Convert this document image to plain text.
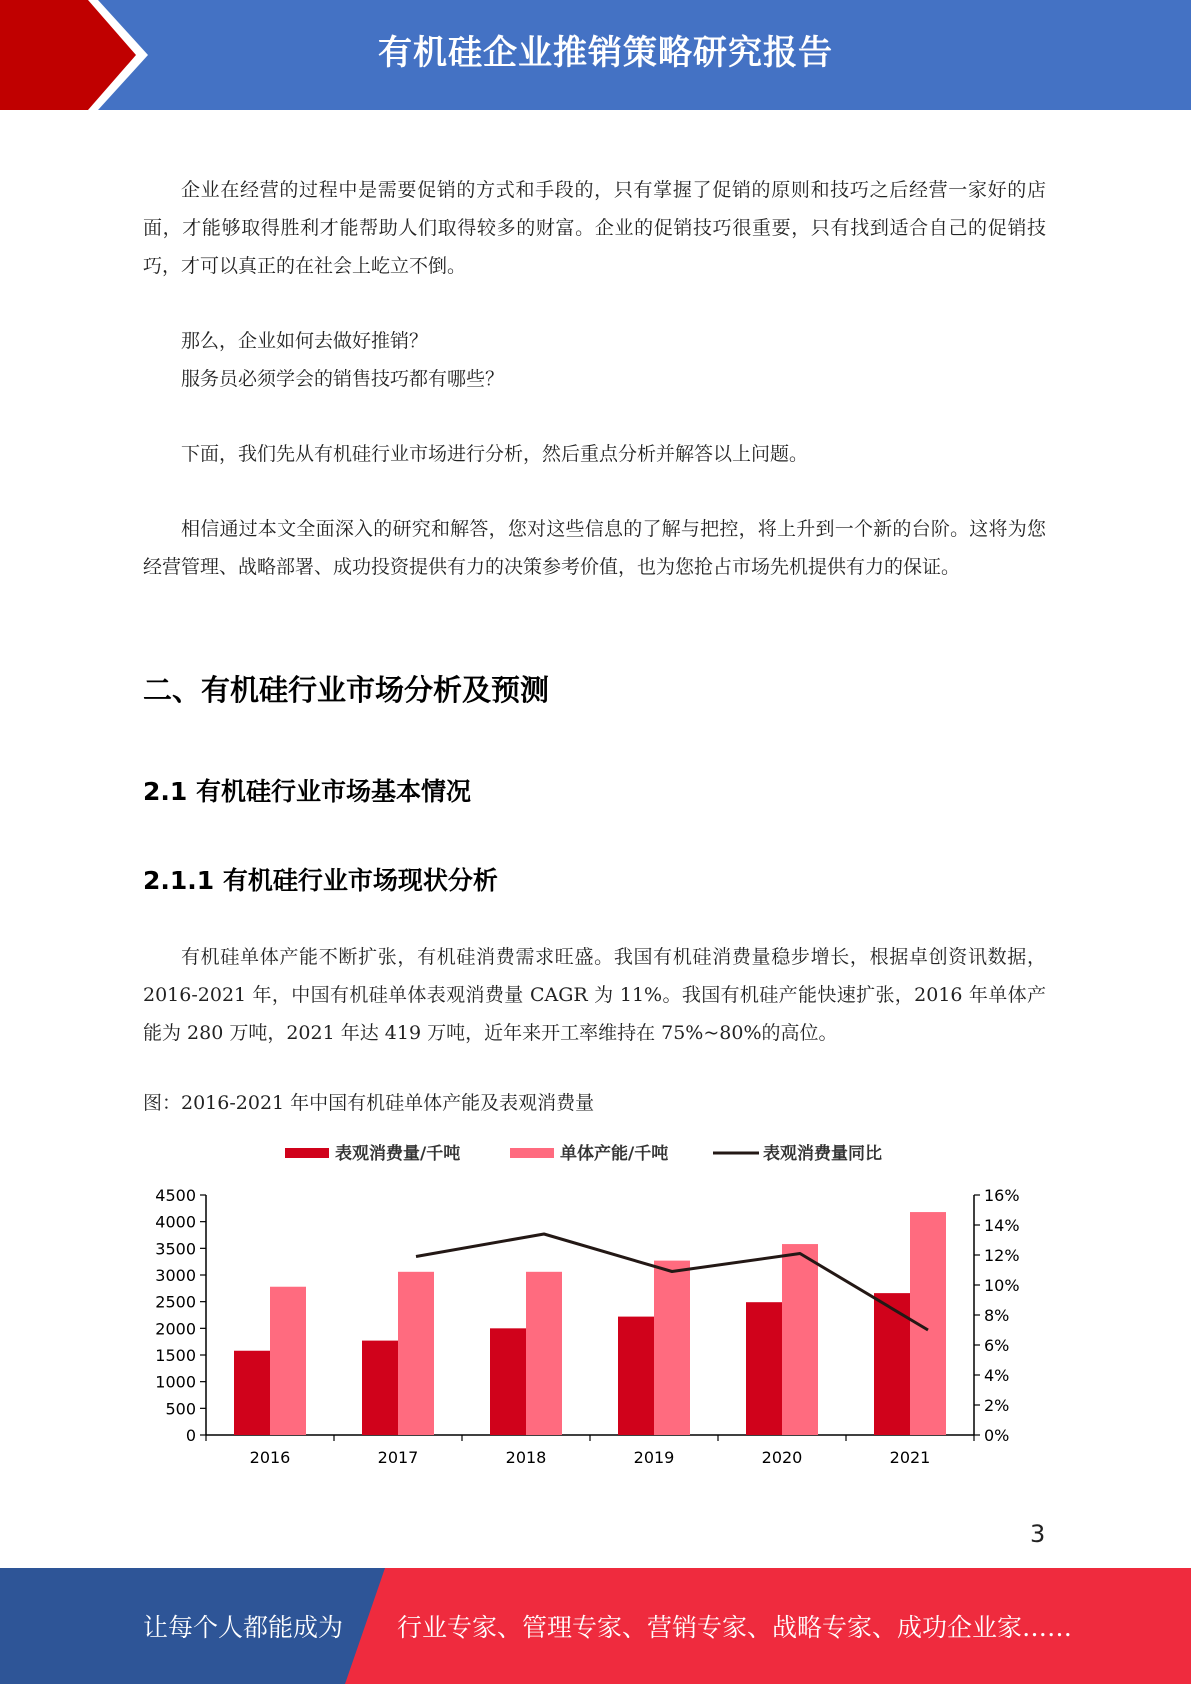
有机硅企业推销策略研究报告

企业在经营的过程中是需要促销的方式和手段的，只有掌握了促销的原则和技巧之后经营一家好的店面，才能够取得胜利才能帮助人们取得较多的财富。企业的促销技巧很重要，只有找到适合自己的促销技巧，才可以真正的在社会上屹立不倒。

那么，企业如何去做好推销？

服务员必须学会的销售技巧都有哪些？

下面，我们先从有机硅行业市场进行分析，然后重点分析并解答以上问题。

相信通过本文全面深入的研究和解答，您对这些信息的了解与把控，将上升到一个新的台阶。这将为您经营管理、战略部署、成功投资提供有力的决策参考价值，也为您抢占市场先机提供有力的保证。

二、有机硅行业市场分析及预测
2.1 有机硅行业市场基本情况
2.1.1 有机硅行业市场现状分析

有机硅单体产能不断扩张，有机硅消费需求旺盛。我国有机硅消费量稳步增长，根据卓创资讯数据，2016-2021 年，中国有机硅单体表观消费量 CAGR 为 11%。我国有机硅产能快速扩张，2016 年单体产能为 280 万吨，2021 年达 419 万吨，近年来开工率维持在 75%~80%的高位。

图：2016-2021 年中国有机硅单体产能及表观消费量
表观消费量/千吨	单体产能/千吨	表观消费量同比
0
500
1000
1500
2000
2500
3000
3500
4000
4500
0%
2%
4%
6%
8%
10%
12%
14%
16%
2016	2017	2018	2019	2020	2021
3
让每个人都能成为 行业专家、管理专家、营销专家、战略专家、成功企业家……
